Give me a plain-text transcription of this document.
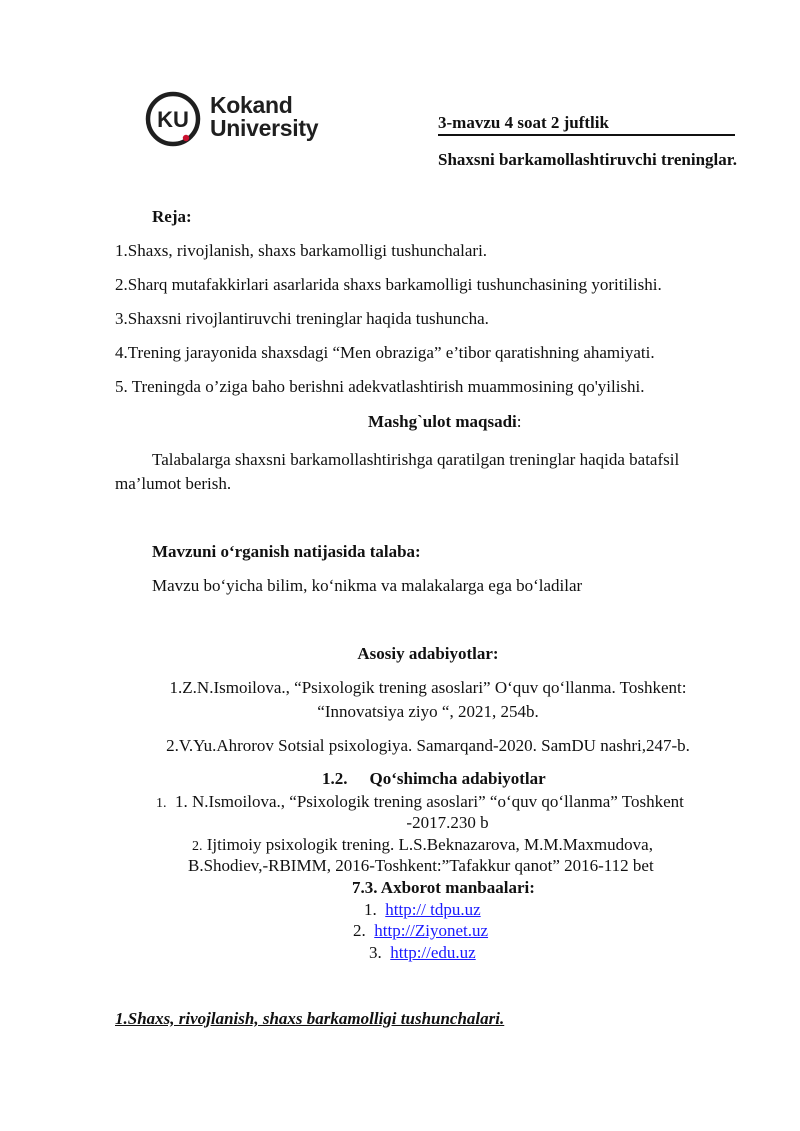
KU
Kokand
University	3-mavzu 4 soat 2 juftlik
Shaxsni barkamollashtiruvchi treninglar.
Reja:
1.Shaxs, rivojlanish, shaxs barkamolligi tushunchalari.
2.Sharq mutafakkirlari asarlarida shaxs barkamolligi tushunchasining yoritilishi.
3.Shaxsni rivojlantiruvchi treninglar haqida tushuncha.
4.Trening jarayonida shaxsdagi “Men obraziga” e’tibor qaratishning ahamiyati.
5. Treningda o’ziga baho berishni adekvatlashtirish muammosining qo'yilishi.
Mashg`ulot maqsadi:
Talabalarga shaxsni barkamollashtirishga qaratilgan treninglar haqida batafsil
ma’lumot berish.
Mavzuni oʻrganish natijasida talaba:
Mavzu boʻyicha bilim, koʻnikma va malakalarga ega boʻladilar
Asosiy adabiyotlar:
1.Z.N.Ismoilova., “Psixologik trening asoslari” Oʻquv qoʻllanma. Toshkent:
“Innovatsiya ziyo “, 2021, 254b.
2.V.Yu.Ahrorov Sotsial psixologiya. Samarqand-2020. SamDU nashri,247-b.
1.2. Qoʻshimcha adabiyotlar
1. 1. N.Ismoilova., “Psixologik trening asoslari” “oʻquv qoʻllanma” Toshkent
-2017.230 b
2. Ijtimoiy psixologik trening. L.S.Beknazarova, M.M.Maxmudova,
B.Shodiev,-RBIMM, 2016-Toshkent:”Tafakkur qanot” 2016-112 bet
7.3. Axborot manbaalari:
1. http:// tdpu.uz
2. http://Ziyonet.uz
3. http://edu.uz
1.Shaxs, rivojlanish, shaxs barkamolligi tushunchalari.
